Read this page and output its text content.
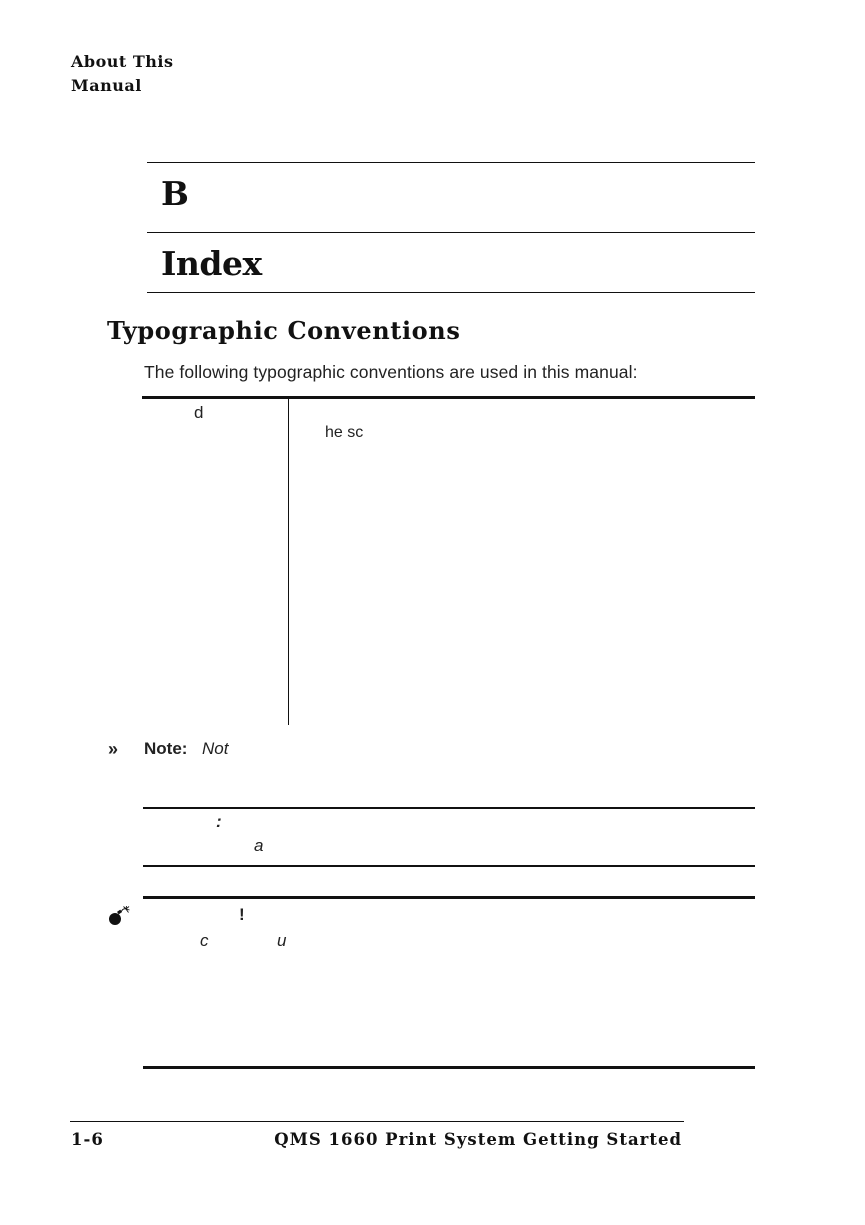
About This
Manual
B
Index
Typographic Conventions
The following typographic conventions are used in this manual:
d
he sc
» Note: Not
:
a
!
c	u
1-6	QMS 1660 Print System Getting Started
